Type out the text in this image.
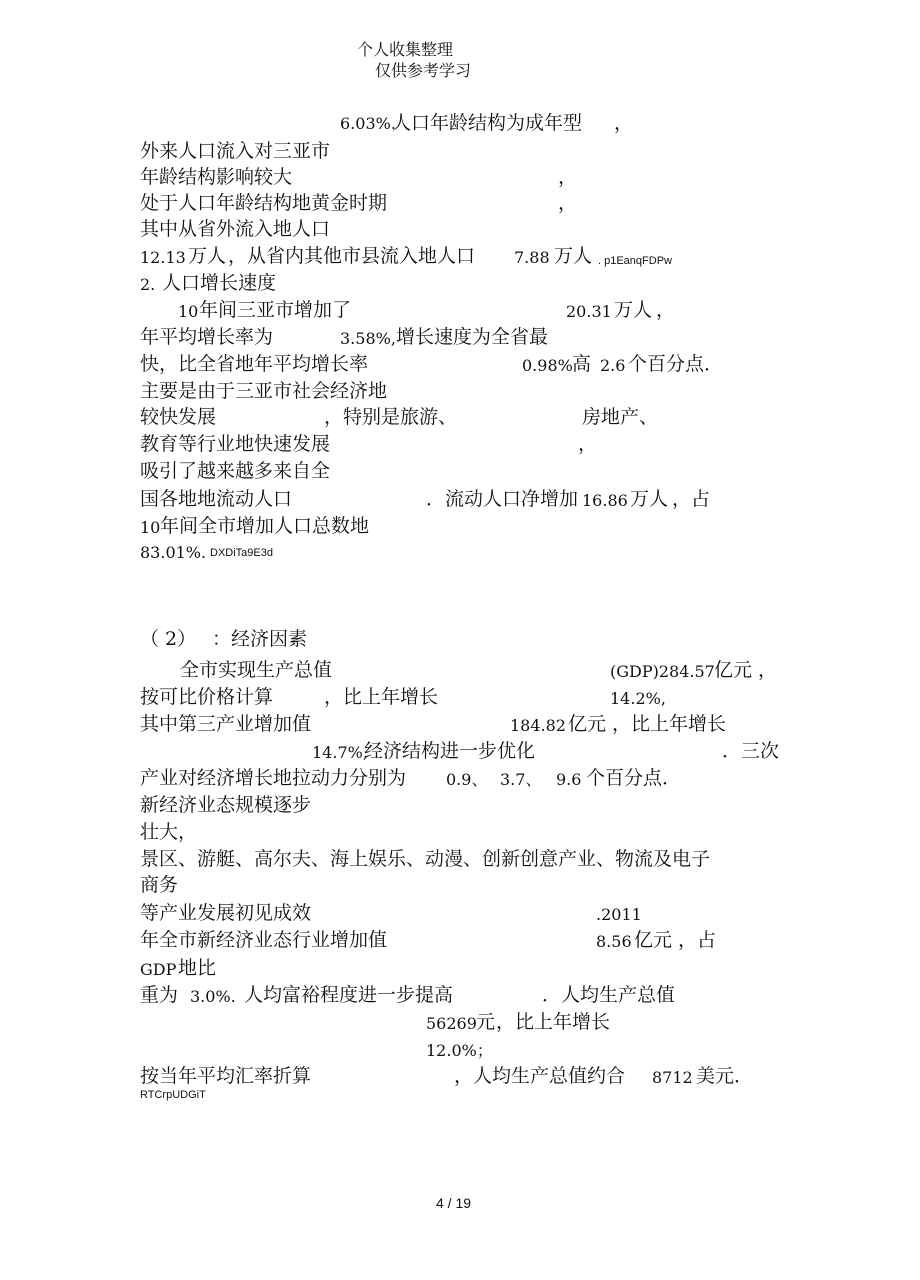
个人收集整理
仅供参考学习
6.03%.
人口年龄结构为成年型 ，
外来人口流入对三亚市
年龄结构影响较大	，
处于人口年龄结构地黄金时期	，
其中从省外流入地人口
12.13 万人 ，从省内其他市县流入地人口 7.88 万人 . p1EanqFDPw
2. 人口增长速度
10 年间三亚市增加了	20.31 万人 ，
年平均增长率为	3.58%, 增长速度为全省最
快，比全省地年平均增长率	0.98% 高 2.6 个百分点．
主要是由于三亚市社会经济地
较快发展	，特别是旅游、	房地产、
教育等行业地快速发展	，
吸引了越来越多来自全
国各地地流动人口	．流动人口净增加 16.86 万人 ，占
10 年间全市增加人口总数地
83.01%. DXDiTa9E3d
（ 2） ：经济因素
全市实现生产总值	(GDP)284.57 亿元 ，
按可比价格计算	，比上年增长	14.2%,
其中第三产业增加值	184.82 亿元 ，比上年增长
14.7%,
经济结构进一步优化	．三次
产业对经济增长地拉动力分别为 0.9、 3.7、 9.6 个百分点．
新经济业态规模逐步
壮大，
景区、游艇、高尔夫、海上娱乐、动漫、创新创意产业、物流及电子
商务
等产业发展初见成效	.2011
年全市新经济业态行业增加值	8.56 亿元 ，占
GDP 地比
重为 3.0%. 人均富裕程度进一步提高	．人均生产总值
56269 元 ，比上年增长
12.0%；
按当年平均汇率折算	，人均生产总值约合 8712 美元．
RTCrpUDGiT
4 / 19
